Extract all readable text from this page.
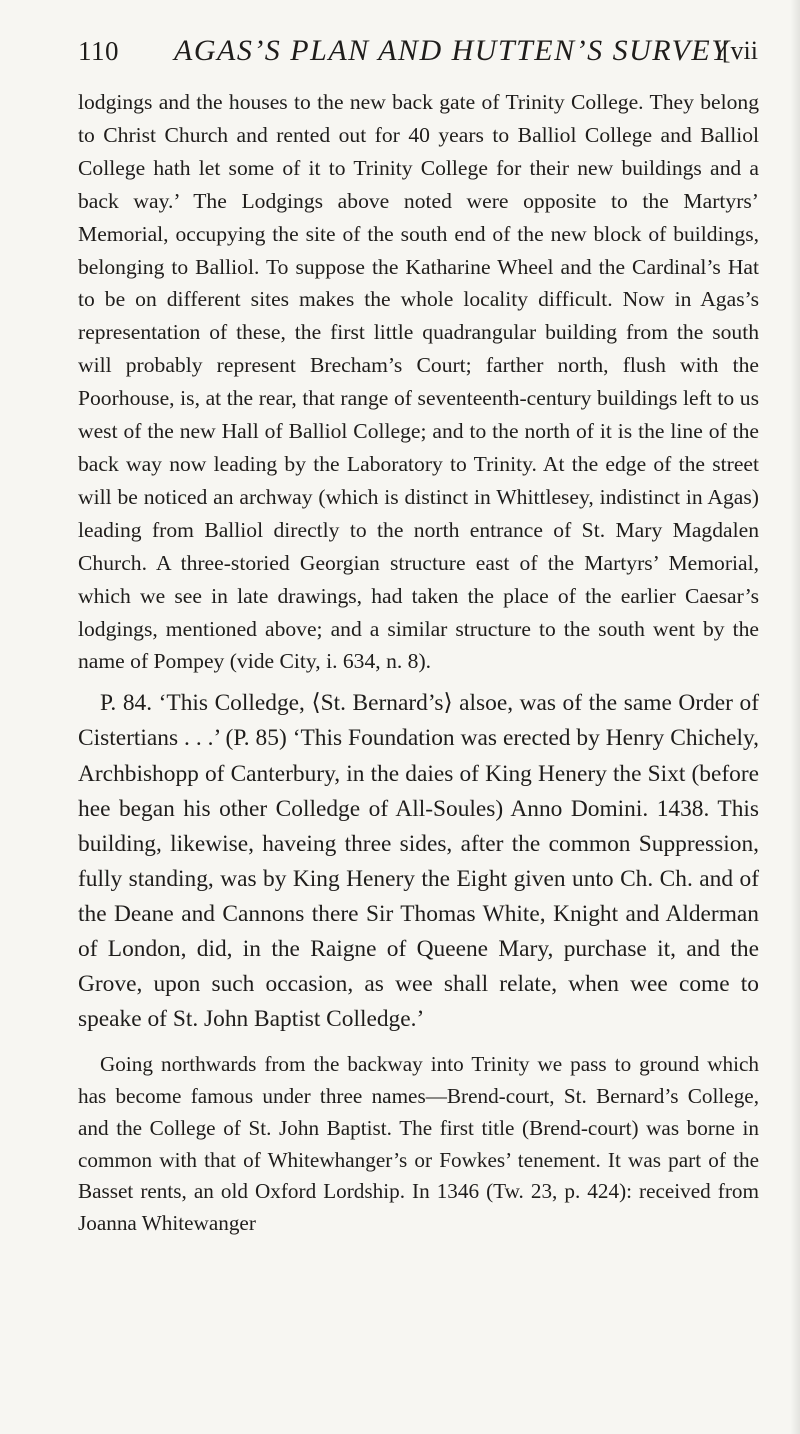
110 AGAS’S PLAN AND HUTTEN’S SURVEY
[vii

lodgings and the houses to the new back gate of Trinity College. They belong to Christ Church and rented out for 40 years to Balliol College and Balliol College hath let some of it to Trinity College for their new buildings and a back way.’ The Lodgings above noted were opposite to the Martyrs’ Memorial, occupying the site of the south end of the new block of buildings, belonging to Balliol. To suppose the Katharine Wheel and the Cardinal’s Hat to be on different sites makes the whole locality difficult. Now in Agas’s representation of these, the first little quadrangular building from the south will probably represent Brecham’s Court; farther north, flush with the Poorhouse, is, at the rear, that range of seventeenth-century buildings left to us west of the new Hall of Balliol College; and to the north of it is the line of the back way now leading by the Laboratory to Trinity. At the edge of the street will be noticed an archway (which is distinct in Whittlesey, indistinct in Agas) leading from Balliol directly to the north entrance of St. Mary Magdalen Church. A three-storied Georgian structure east of the Martyrs’ Memorial, which we see in late drawings, had taken the place of the earlier Caesar’s lodgings, mentioned above; and a similar structure to the south went by the name of Pompey (vide City, i. 634, n. 8).

P. 84. ‘This Colledge, ⟨St. Bernard’s⟩ alsoe, was of the same Order of Cistertians . . .’ (P. 85) ‘This Foundation was erected by Henry Chichely, Archbishopp of Canterbury, in the daies of King Henery the Sixt (before hee began his other Colledge of All-Soules) Anno Domini. 1438. This building, likewise, haveing three sides, after the common Suppression, fully standing, was by King Henery the Eight given unto Ch. Ch. and of the Deane and Cannons there Sir Thomas White, Knight and Alderman of London, did, in the Raigne of Queene Mary, purchase it, and the Grove, upon such occasion, as wee shall relate, when wee come to speake of St. John Baptist Colledge.’

Going northwards from the backway into Trinity we pass to ground which has become famous under three names—Brend-court, St. Bernard’s College, and the College of St. John Baptist. The first title (Brend-court) was borne in common with that of Whitewhanger’s or Fowkes’ tenement. It was part of the Basset rents, an old Oxford Lordship. In 1346 (Tw. 23, p. 424): received from Joanna Whitewanger
